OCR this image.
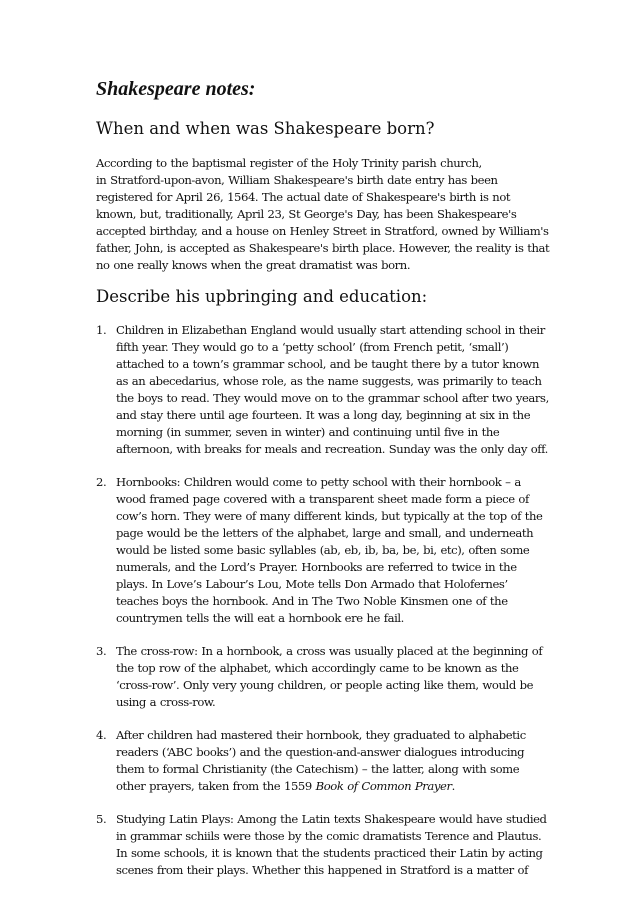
Shakespeare notes:
When and when was Shakespeare born?

According to the baptismal register of the Holy Trinity parish church,
in Stratford-upon-avon, William Shakespeare's birth date entry has been
registered for April 26, 1564. The actual date of Shakespeare's birth is not
known, but, traditionally, April 23, St George's Day, has been Shakespeare's
accepted birthday, and a house on Henley Street in Stratford, owned by William's
father, John, is accepted as Shakespeare's birth place. However, the reality is that
no one really knows when the great dramatist was born.

Describe his upbringing and education:
1. Children in Elizabethan England would usually start attending school in their
fifth year. They would go to a ‘petty school’ (from French petit, ‘small’)
attached to a town’s grammar school, and be taught there by a tutor known
as an abecedarius, whose role, as the name suggests, was primarily to teach
the boys to read. They would move on to the grammar school after two years,
and stay there until age fourteen. It was a long day, beginning at six in the
morning (in summer, seven in winter) and continuing until five in the
afternoon, with breaks for meals and recreation. Sunday was the only day off.
2. Hornbooks: Children would come to petty school with their hornbook – a
wood framed page covered with a transparent sheet made form a piece of
cow’s horn. They were of many different kinds, but typically at the top of the
page would be the letters of the alphabet, large and small, and underneath
would be listed some basic syllables (ab, eb, ib, ba, be, bi, etc), often some
numerals, and the Lord’s Prayer. Hornbooks are referred to twice in the
plays. In Love’s Labour’s Lou, Mote tells Don Armado that Holofernes’
teaches boys the hornbook. And in The Two Noble Kinsmen one of the
countrymen tells the will eat a hornbook ere he fail.
3. The cross-row: In a hornbook, a cross was usually placed at the beginning of
the top row of the alphabet, which accordingly came to be known as the
‘cross-row’. Only very young children, or people acting like them, would be
using a cross-row.
4. After children had mastered their hornbook, they graduated to alphabetic
readers (‘ABC books’) and the question-and-answer dialogues introducing
them to formal Christianity (the Catechism) – the latter, along with some
other prayers, taken from the 1559 Book of Common Prayer.
5. Studying Latin Plays: Among the Latin texts Shakespeare would have studied
in grammar schiils were those by the comic dramatists Terence and Plautus.
In some schools, it is known that the students practiced their Latin by acting
scenes from their plays. Whether this happened in Stratford is a matter of
